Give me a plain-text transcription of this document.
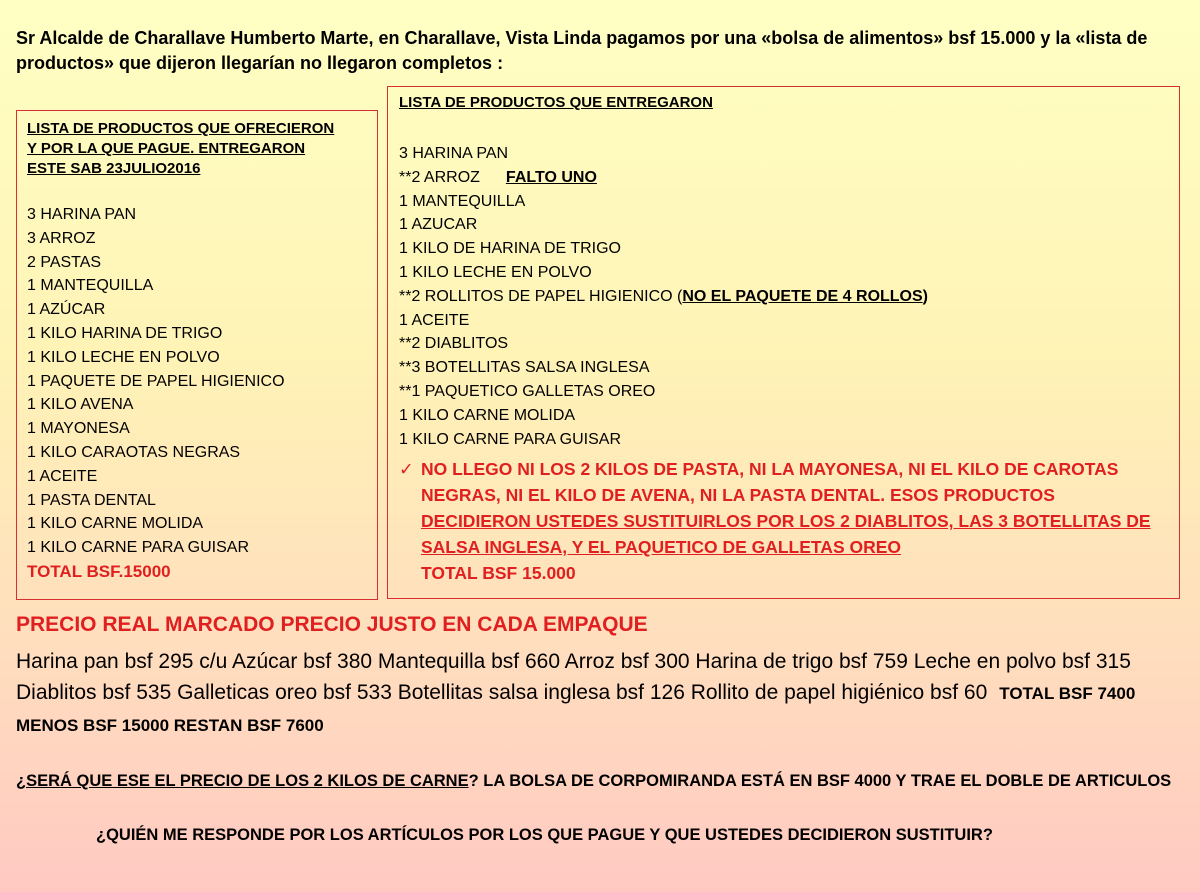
Sr Alcalde de Charallave Humberto Marte, en Charallave, Vista Linda pagamos por una «bolsa de alimentos» bsf 15.000 y la «lista de productos» que dijeron llegarían no llegaron completos :
LISTA DE PRODUCTOS QUE OFRECIERON
Y POR LA QUE PAGUE. ENTREGARON
ESTE SAB 23JULIO2016
3 HARINA PAN
3 ARROZ
2 PASTAS
1 MANTEQUILLA
1 AZÚCAR
1 KILO HARINA DE TRIGO
1 KILO LECHE EN POLVO
1 PAQUETE DE PAPEL HIGIENICO
1 KILO AVENA
1 MAYONESA
1 KILO CARAOTAS NEGRAS
1 ACEITE
1 PASTA DENTAL
1 KILO CARNE MOLIDA
1 KILO CARNE PARA GUISAR
TOTAL BSF.15000
LISTA DE PRODUCTOS QUE ENTREGARON
3 HARINA PAN
**2 ARROZ FALTO UNO
1 MANTEQUILLA
1 AZUCAR
1 KILO DE HARINA DE TRIGO
1 KILO LECHE EN POLVO
**2 ROLLITOS DE PAPEL HIGIENICO (NO EL PAQUETE DE 4 ROLLOS)
1 ACEITE
**2 DIABLITOS
**3 BOTELLITAS SALSA INGLESA
**1 PAQUETICO GALLETAS OREO
1 KILO CARNE MOLIDA
1 KILO CARNE PARA GUISAR
✓ NO LLEGO NI LOS 2 KILOS DE PASTA, NI LA MAYONESA, NI EL KILO DE CAROTAS NEGRAS, NI EL KILO DE AVENA, NI LA PASTA DENTAL. ESOS PRODUCTOS DECIDIERON USTEDES SUSTITUIRLOS POR LOS 2 DIABLITOS, LAS 3 BOTELLITAS DE SALSA INGLESA, Y EL PAQUETICO DE GALLETAS OREO
TOTAL BSF 15.000
PRECIO REAL MARCADO PRECIO JUSTO EN CADA EMPAQUE
Harina pan bsf 295 c/u Azúcar bsf 380 Mantequilla bsf 660 Arroz bsf 300 Harina de trigo bsf 759 Leche en polvo bsf 315 Diablitos bsf 535 Galleticas oreo bsf 533 Botellitas salsa inglesa bsf 126 Rollito de papel higiénico bsf 60 TOTAL BSF 7400 MENOS BSF 15000 RESTAN BSF 7600
¿SERÁ QUE ESE EL PRECIO DE LOS 2 KILOS DE CARNE? LA BOLSA DE CORPOMIRANDA ESTÁ EN BSF 4000 Y TRAE EL DOBLE DE ARTICULOS
¿QUIÉN ME RESPONDE POR LOS ARTÍCULOS POR LOS QUE PAGUE Y QUE USTEDES DECIDIERON SUSTITUIR?
